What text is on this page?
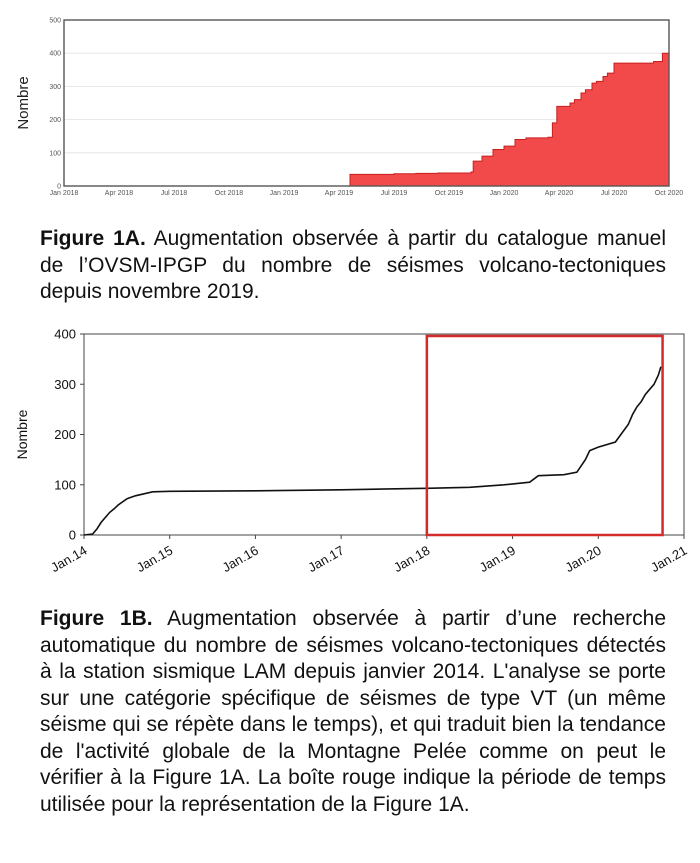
0
100
200
300
400
500
Jan 2018	Apr 2018	Jul 2018	Oct 2018	Jan 2019	Apr 2019	Jul 2019	Oct 2019	Jan 2020	Apr 2020	Jul 2020	Oct 2020
Nombre
0
100
200
300
400
Jan.14	Jan.15	Jan.16	Jan.17	Jan.18	Jan.19	Jan.20	Jan.21
Nombre

Figure 1A. Augmentation observée à partir du catalogue manuel de l’OVSM-IPGP du nombre de séismes volcano-tectoniques depuis novembre 2019.

Figure 1B. Augmentation observée à partir d’une recherche automatique du nombre de séismes volcano-tectoniques détectés à la station sismique LAM depuis janvier 2014. L'analyse se porte sur une catégorie spécifique de séismes de type VT (un même séisme qui se répète dans le temps), et qui traduit bien la tendance de l'activité globale de la Montagne Pelée comme on peut le vérifier à la Figure 1A. La boîte rouge indique la période de temps utilisée pour la représentation de la Figure 1A.
